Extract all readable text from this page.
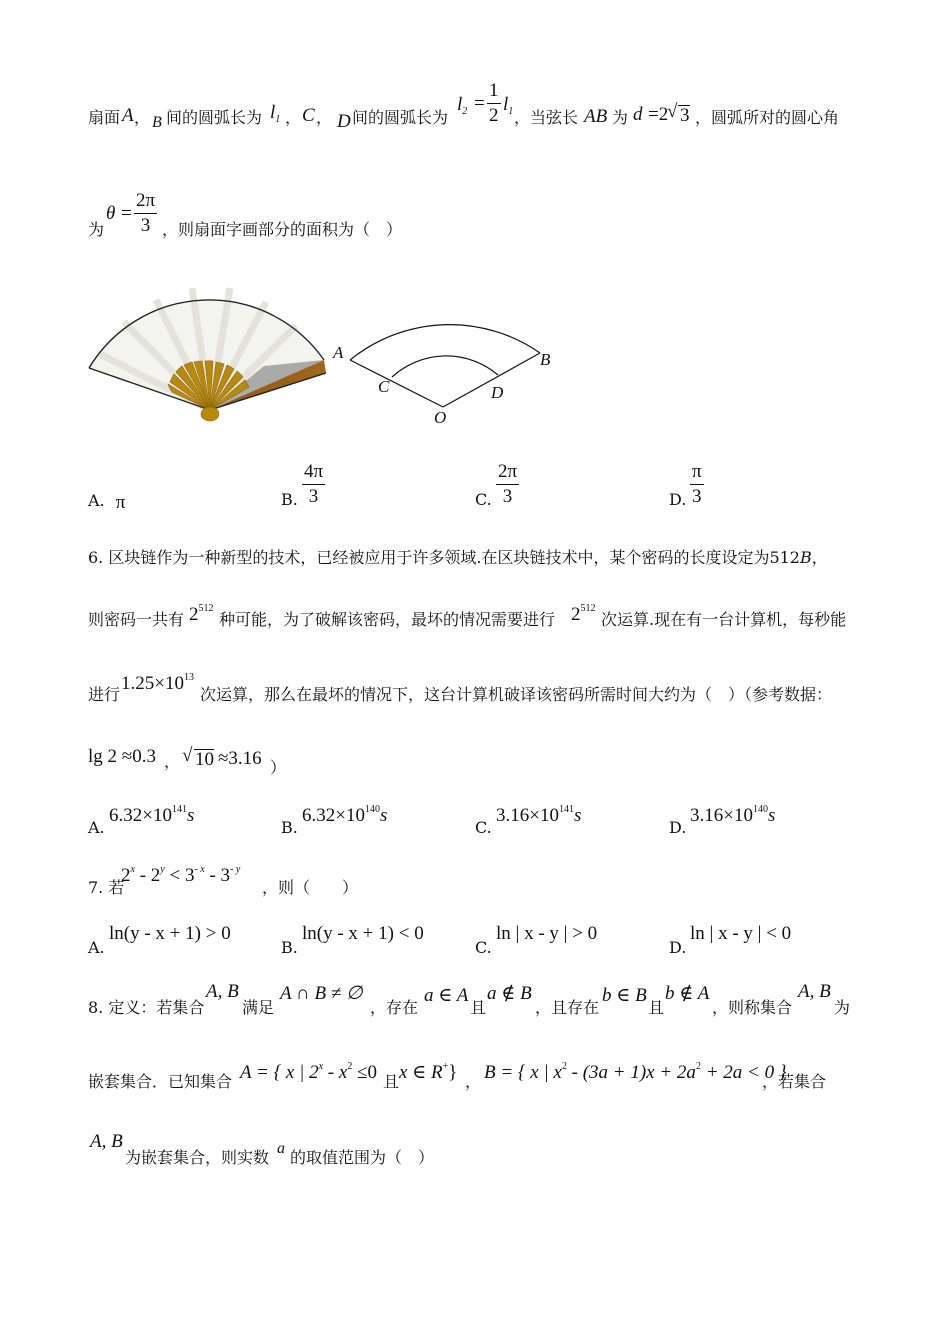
扇面 A ， B 间的圆弧长为 $l_1$ ， C ， D 间的圆弧长为
$l_2$ =
1
2
$l_1$ ，当弦长 AB 为 d =2
√ 3 ，圆弧所对的圆心角
为
θ =
2π
3 ，则扇面字画部分的面积为（　）
A	B
C	D
O
A. π	B.
4π
3	C.
2π
3	D.
π
3
6. 区块链作为一种新型的技术，已经被应用于许多领域.在区块链技术中，某个密码的长度设定为512B，
则密码一共有 $2^{512}$
种可能，为了破解该密码，最坏的情况需要进行 $2^{512}$
次运算.现在有一台计算机，每秒能
进行
$1.25\times 10^{13}$
次运算，那么在最坏的情况下，这台计算机破译该密码所需时间大约为（　）（参考数据：
lg 2 ≈0.3 ， √ 10 ≈3.16 ）
A.
$6.32\times 10^{141}s$
B.
$6.32\times 10^{140}s$
C.
$3.16\times 10^{141}s$
D.
$3.16\times 10^{140}s$
7. 若
$2^x - 2^y < 3^{- x} - 3^{- y}$
，则（　　）
A.
ln(y - x + 1) > 0
B.
ln(y - x + 1) < 0
C.
ln | x - y | > 0
D.
ln | x - y | < 0
8. 定义：若集合
A, B
满足
A ∩ B ≠ ∅
，存在
a ∈ A
且
a ∉ B
，且存在
b ∈ B
且
b ∉ A
，则称集合
A, B
为
嵌套集合．已知集合 A = { x | $2^x - x^2 \le 0$ 且 x ∈ R+} ， B = { x | $x^2 - (3a + 1)x + 2a^2 + 2a < 0$ }
，若集合
A, B
为嵌套集合，则实数 a 的取值范围为（　）
